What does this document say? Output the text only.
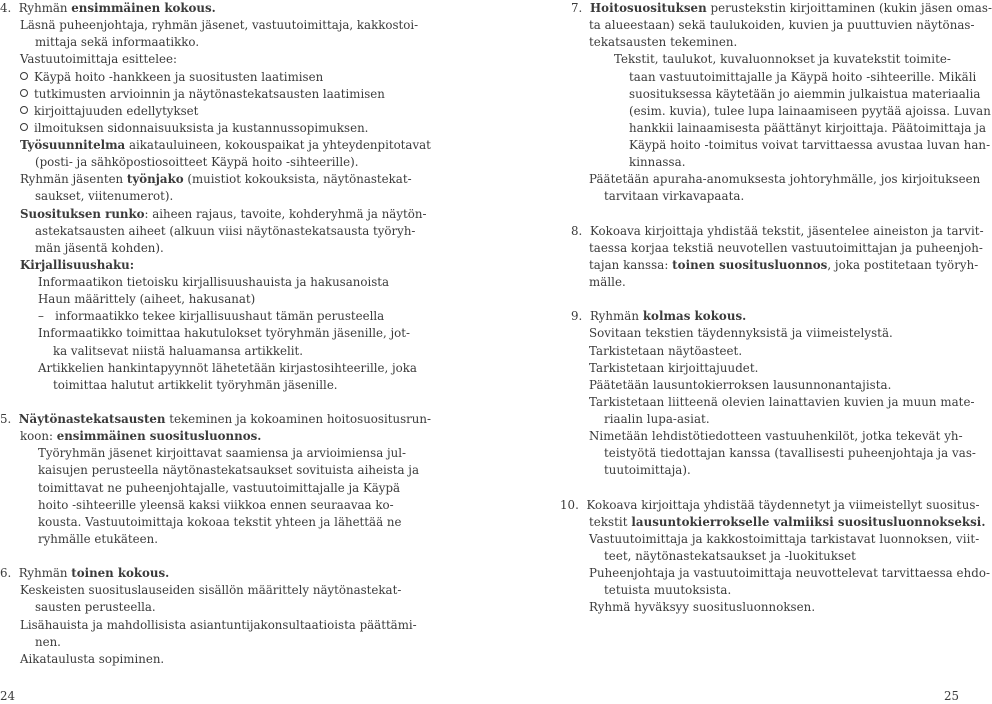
4.  Ryhmän ensimmäinen kokous.
Läsnä puheenjohtaja, ryhmän jäsenet, vastuutoimittaja, kakkostoi-
mittaja sekä informaatikko.
Vastuutoimittaja esittelee:
Käypä hoito -hankkeen ja suositusten laatimisen
tutkimusten arvioinnin ja näytönastekatsausten laatimisen
kirjoittajuuden edellytykset
ilmoituksen sidonnaisuuksista ja kustannussopimuksen.
Työsuunnitelma aikatauluineen, kokouspaikat ja yhteydenpitotavat
(posti- ja sähköpostiosoitteet Käypä hoito -sihteerille).
Ryhmän jäsenten työnjako (muistiot kokouksista, näytönastekat-
saukset, viitenumerot).
Suosituksen runko: aiheen rajaus, tavoite, kohderyhmä ja näytön-
astekatsausten aiheet (alkuun viisi näytönastekatsausta työryh-
män jäsentä kohden).
Kirjallisuushaku:
Informaatikon tietoisku kirjallisuushauista ja hakusanoista
Haun määrittely (aiheet, hakusanat)
–   informaatikko tekee kirjallisuushaut tämän perusteella
Informaatikko toimittaa hakutulokset työryhmän jäsenille, jot-
ka valitsevat niistä haluamansa artikkelit.
Artikkelien hankintapyynnöt lähetetään kirjastosihteerille, joka
toimittaa halutut artikkelit työryhmän jäsenille.
5.  Näytönastekatsausten tekeminen ja kokoaminen hoitosuositusrun-
koon: ensimmäinen suositusluonnos.
Työryhmän jäsenet kirjoittavat saamiensa ja arvioimiensa jul-
kaisujen perusteella näytönastekatsaukset sovituista aiheista ja
toimittavat ne puheenjohtajalle, vastuutoimittajalle ja Käypä
hoito -sihteerille yleensä kaksi viikkoa ennen seuraavaa ko-
kousta. Vastuutoimittaja kokoaa tekstit yhteen ja lähettää ne
ryhmälle etukäteen.
6.  Ryhmän toinen kokous.
Keskeisten suosituslauseiden sisällön määrittely näytönastekat-
sausten perusteella.
Lisähauista ja mahdollisista asiantuntijakonsultaatioista päättämi-
nen.
Aikataulusta sopiminen.
7.  Hoitosuosituksen perustekstin kirjoittaminen (kukin jäsen omas-
ta alueestaan) sekä taulukoiden, kuvien ja puuttuvien näytönas-
tekatsausten tekeminen.
Tekstit, taulukot, kuvaluonnokset ja kuvatekstit toimite-
taan vastuutoimittajalle ja Käypä hoito -sihteerille. Mikäli
suosituksessa käytetään jo aiemmin julkaistua materiaalia
(esim. kuvia), tulee lupa lainaamiseen pyytää ajoissa. Luvan
hankkii lainaamisesta päättänyt kirjoittaja. Päätoimittaja ja
Käypä hoito -toimitus voivat tarvittaessa avustaa luvan han-
kinnassa.
Päätetään apuraha-anomuksesta johtoryhmälle, jos kirjoitukseen
tarvitaan virkavapaata.
8.  Kokoava kirjoittaja yhdistää tekstit, jäsentelee aineiston ja tarvit-
taessa korjaa tekstiä neuvotellen vastuutoimittajan ja puheenjoh-
tajan kanssa: toinen suositusluonnos, joka postitetaan työryh-
mälle.
9.  Ryhmän kolmas kokous.
Sovitaan tekstien täydennyksistä ja viimeistelystä.
Tarkistetaan näytöasteet.
Tarkistetaan kirjoittajuudet.
Päätetään lausuntokierroksen lausunnonantajista.
Tarkistetaan liitteenä olevien lainattavien kuvien ja muun mate-
riaalin lupa-asiat.
Nimetään lehdistötiedotteen vastuuhenkilöt, jotka tekevät yh-
teistyötä tiedottajan kanssa (tavallisesti puheenjohtaja ja vas-
tuutoimittaja).
10.  Kokoava kirjoittaja yhdistää täydennetyt ja viimeistellyt suositus-
tekstit lausuntokierrokselle valmiiksi suositusluonnokseksi.
Vastuutoimittaja ja kakkostoimittaja tarkistavat luonnoksen, viit-
teet, näytönastekatsaukset ja -luokitukset
Puheenjohtaja ja vastuutoimittaja neuvottelevat tarvittaessa ehdo-
tetuista muutoksista.
Ryhmä hyväksyy suositusluonnoksen.
24	25
